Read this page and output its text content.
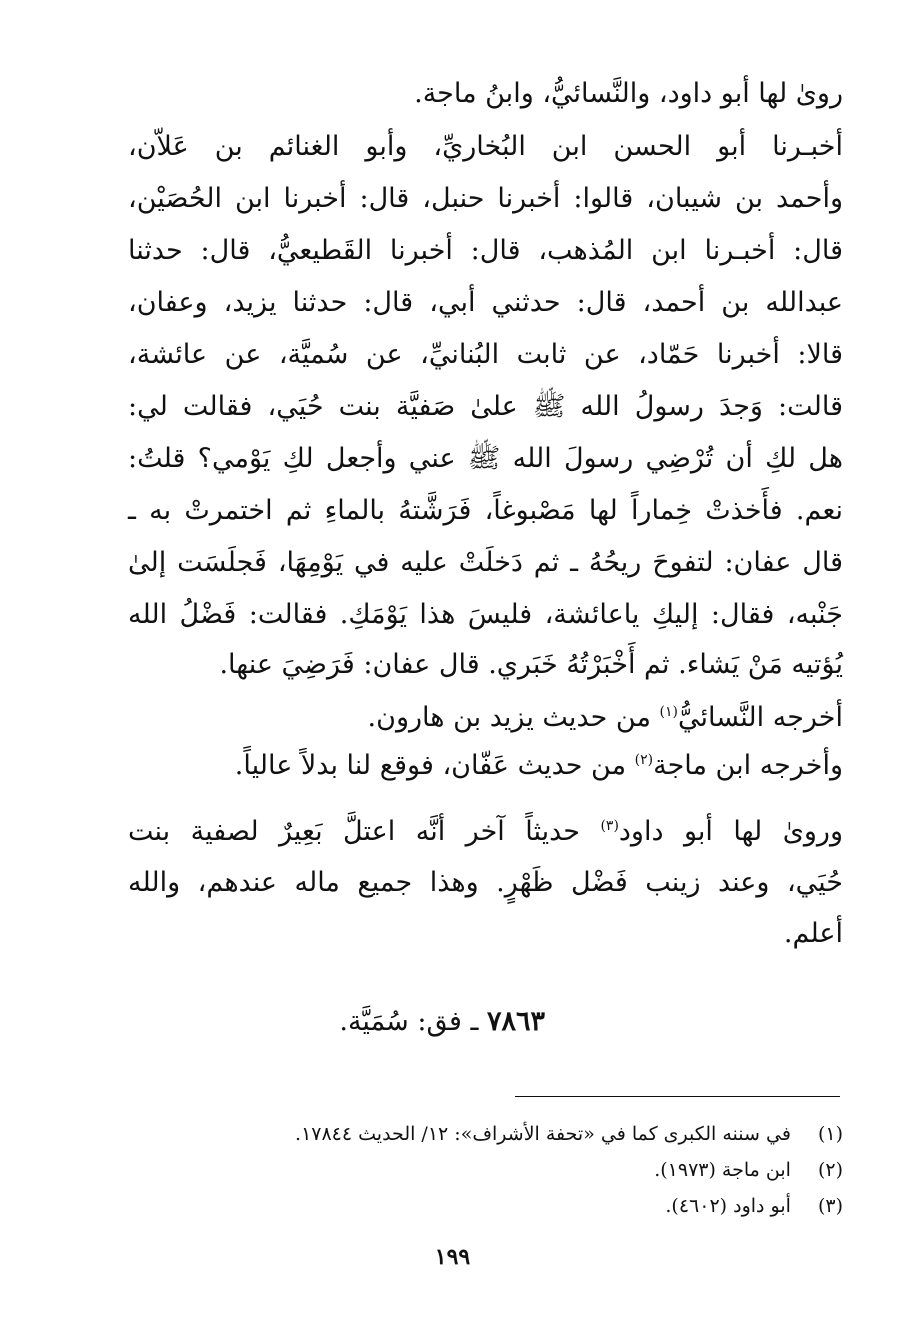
رویٰ لها أبو داود، والنَّسائيُّ، وابنُ ماجة.
أخبـرنا أبو الحسن ابن البُخاريِّ، وأبو الغنائم بن عَلاّن،
وأحمد بن شيبان، قالوا: أخبرنا حنبل، قال: أخبرنا ابن الحُصَيْن،
قال: أخبـرنا ابن المُذهب، قال: أخبرنا القَطيعيُّ، قال: حدثنا
عبدالله بن أحمد، قال: حدثني أبي، قال: حدثنا يزيد، وعفان،
قالا: أخبرنا حَمّاد، عن ثابت البُنانيِّ، عن سُميَّة، عن عائشة،
قالت: وَجدَ رسولُ الله ﷺ علیٰ صَفيَّة بنت حُيَي، فقالت لي:
هل لكِ أن تُرْضِي رسولَ الله ﷺ عني وأجعل لكِ يَوْمي؟ قلتُ:
نعم. فأَخذتْ خِماراً لها مَصْبوغاً، فَرَشَّتهُ بالماءِ ثم اختمرتْ به ـ
قال عفان: لتفوحَ ريحُهُ ـ ثم دَخلَتْ عليه في يَوْمِهَا، فَجلَسَت إلیٰ
جَنْبه، فقال: إليكِ ياعائشة، فليسَ هذا يَوْمَكِ. فقالت: فَضْلُ الله
يُؤتيه مَنْ يَشاء. ثم أَخْبَرْتُهُ خَبَري. قال عفان: فَرَضِيَ عنها.
أخرجه النَّسائيُّ$^{(١)}$ من حديث يزيد بن هارون.
وأخرجه ابن ماجة$^{(٢)}$ من حديث عَفّان، فوقع لنا بدلاً عالياً.
ورویٰ لها أبو داود$^{(٣)}$ حديثاً آخر أنَّه اعتلَّ بَعِيرٌ لصفية بنت
حُيَي، وعند زينب فَضْل ظَهْرٍ. وهذا جميع ماله عندهم، والله
أعلم.
٧٨٦٣ ـ فق: سُمَيَّة.
(١)  في سننه الكبرى كما في «تحفة الأشراف»: ١٢/ الحديث ١٧٨٤٤.
(٢)  ابن ماجة (١٩٧٣).
(٣)  أبو داود (٤٦٠٢).
١٩٩
